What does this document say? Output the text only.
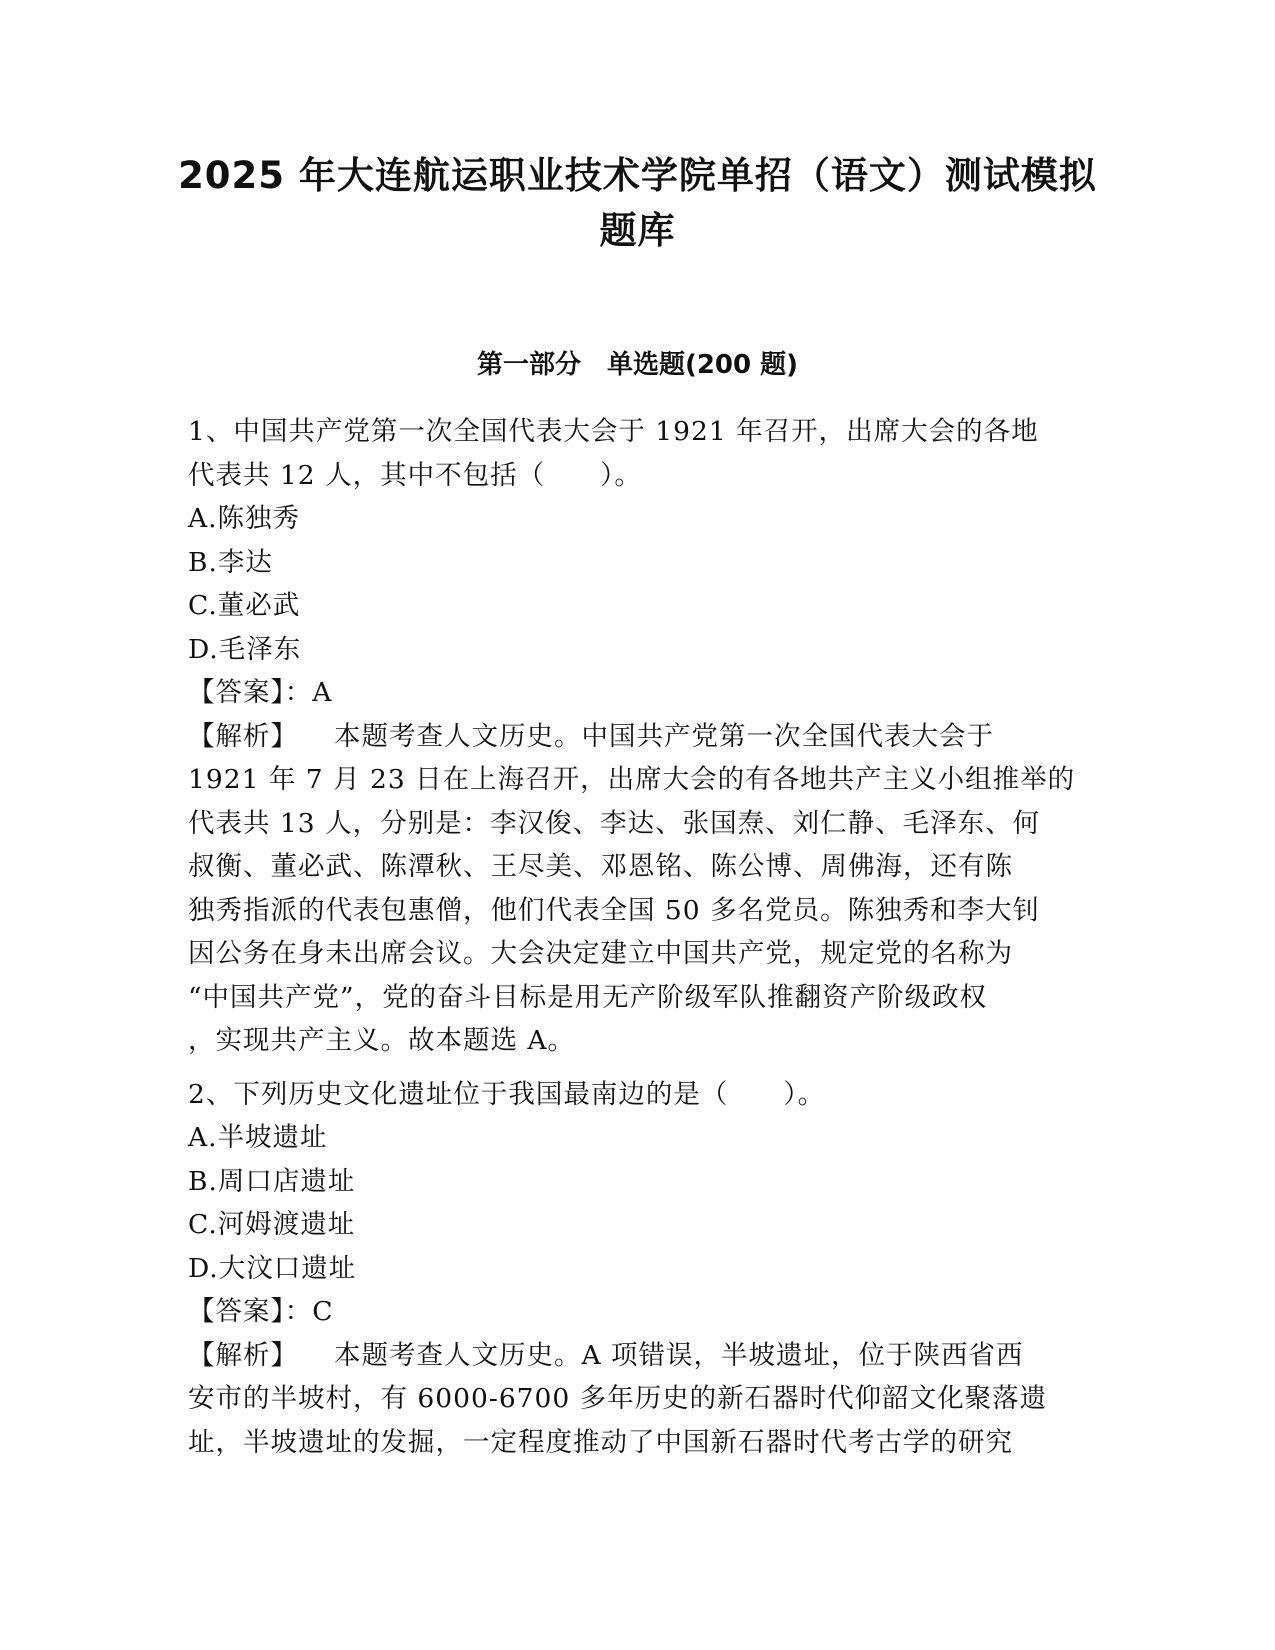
2025 年大连航运职业技术学院单招（语文）测试模拟
题库
第一部分　单选题(200 题)
1、中国共产党第一次全国代表大会于 1921 年召开，出席大会的各地
代表共 12 人，其中不包括（　　）。
A.陈独秀
B.李达
C.董必武
D.毛泽东
【答案】：A
【解析】 本题考查人文历史。中国共产党第一次全国代表大会于
1921 年 7 月 23 日在上海召开，出席大会的有各地共产主义小组推举的
代表共 13 人，分别是：李汉俊、李达、张国焘、刘仁静、毛泽东、何
叔衡、董必武、陈潭秋、王尽美、邓恩铭、陈公博、周佛海，还有陈
独秀指派的代表包惠僧，他们代表全国 50 多名党员。陈独秀和李大钊
因公务在身未出席会议。大会决定建立中国共产党，规定党的名称为
“中国共产党”，党的奋斗目标是用无产阶级军队推翻资产阶级政权
，实现共产主义。故本题选 A。
2、下列历史文化遗址位于我国最南边的是（　　）。
A.半坡遗址
B.周口店遗址
C.河姆渡遗址
D.大汶口遗址
【答案】：C
【解析】 本题考查人文历史。A 项错误，半坡遗址，位于陕西省西
安市的半坡村，有 6000-6700 多年历史的新石器时代仰韶文化聚落遗
址，半坡遗址的发掘，一定程度推动了中国新石器时代考古学的研究
